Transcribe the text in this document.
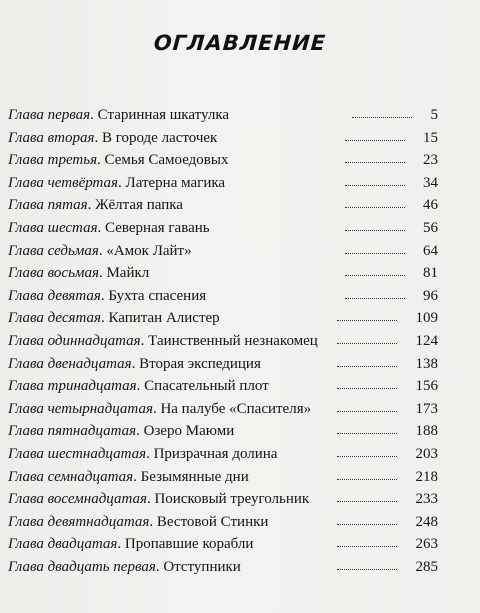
ОГЛАВЛЕНИЕ
Глава первая. Старинная шкатулка	5
Глава вторая. В городе ласточек	15
Глава третья. Семья Самоедовых	23
Глава четвёртая. Латерна магика	34
Глава пятая. Жёлтая папка	46
Глава шестая. Северная гавань	56
Глава седьмая. «Амок Лайт»	64
Глава восьмая. Майкл	81
Глава девятая. Бухта спасения	96
Глава десятая. Капитан Алистер	109
Глава одиннадцатая. Таинственный незнакомец	124
Глава двенадцатая. Вторая экспедиция	138
Глава тринадцатая. Спасательный плот	156
Глава четырнадцатая. На палубе «Спасителя»	173
Глава пятнадцатая. Озеро Маюми	188
Глава шестнадцатая. Призрачная долина	203
Глава семнадцатая. Безымянные дни	218
Глава восемнадцатая. Поисковый треугольник	233
Глава девятнадцатая. Вестовой Стинки	248
Глава двадцатая. Пропавшие корабли	263
Глава двадцать первая. Отступники	285
